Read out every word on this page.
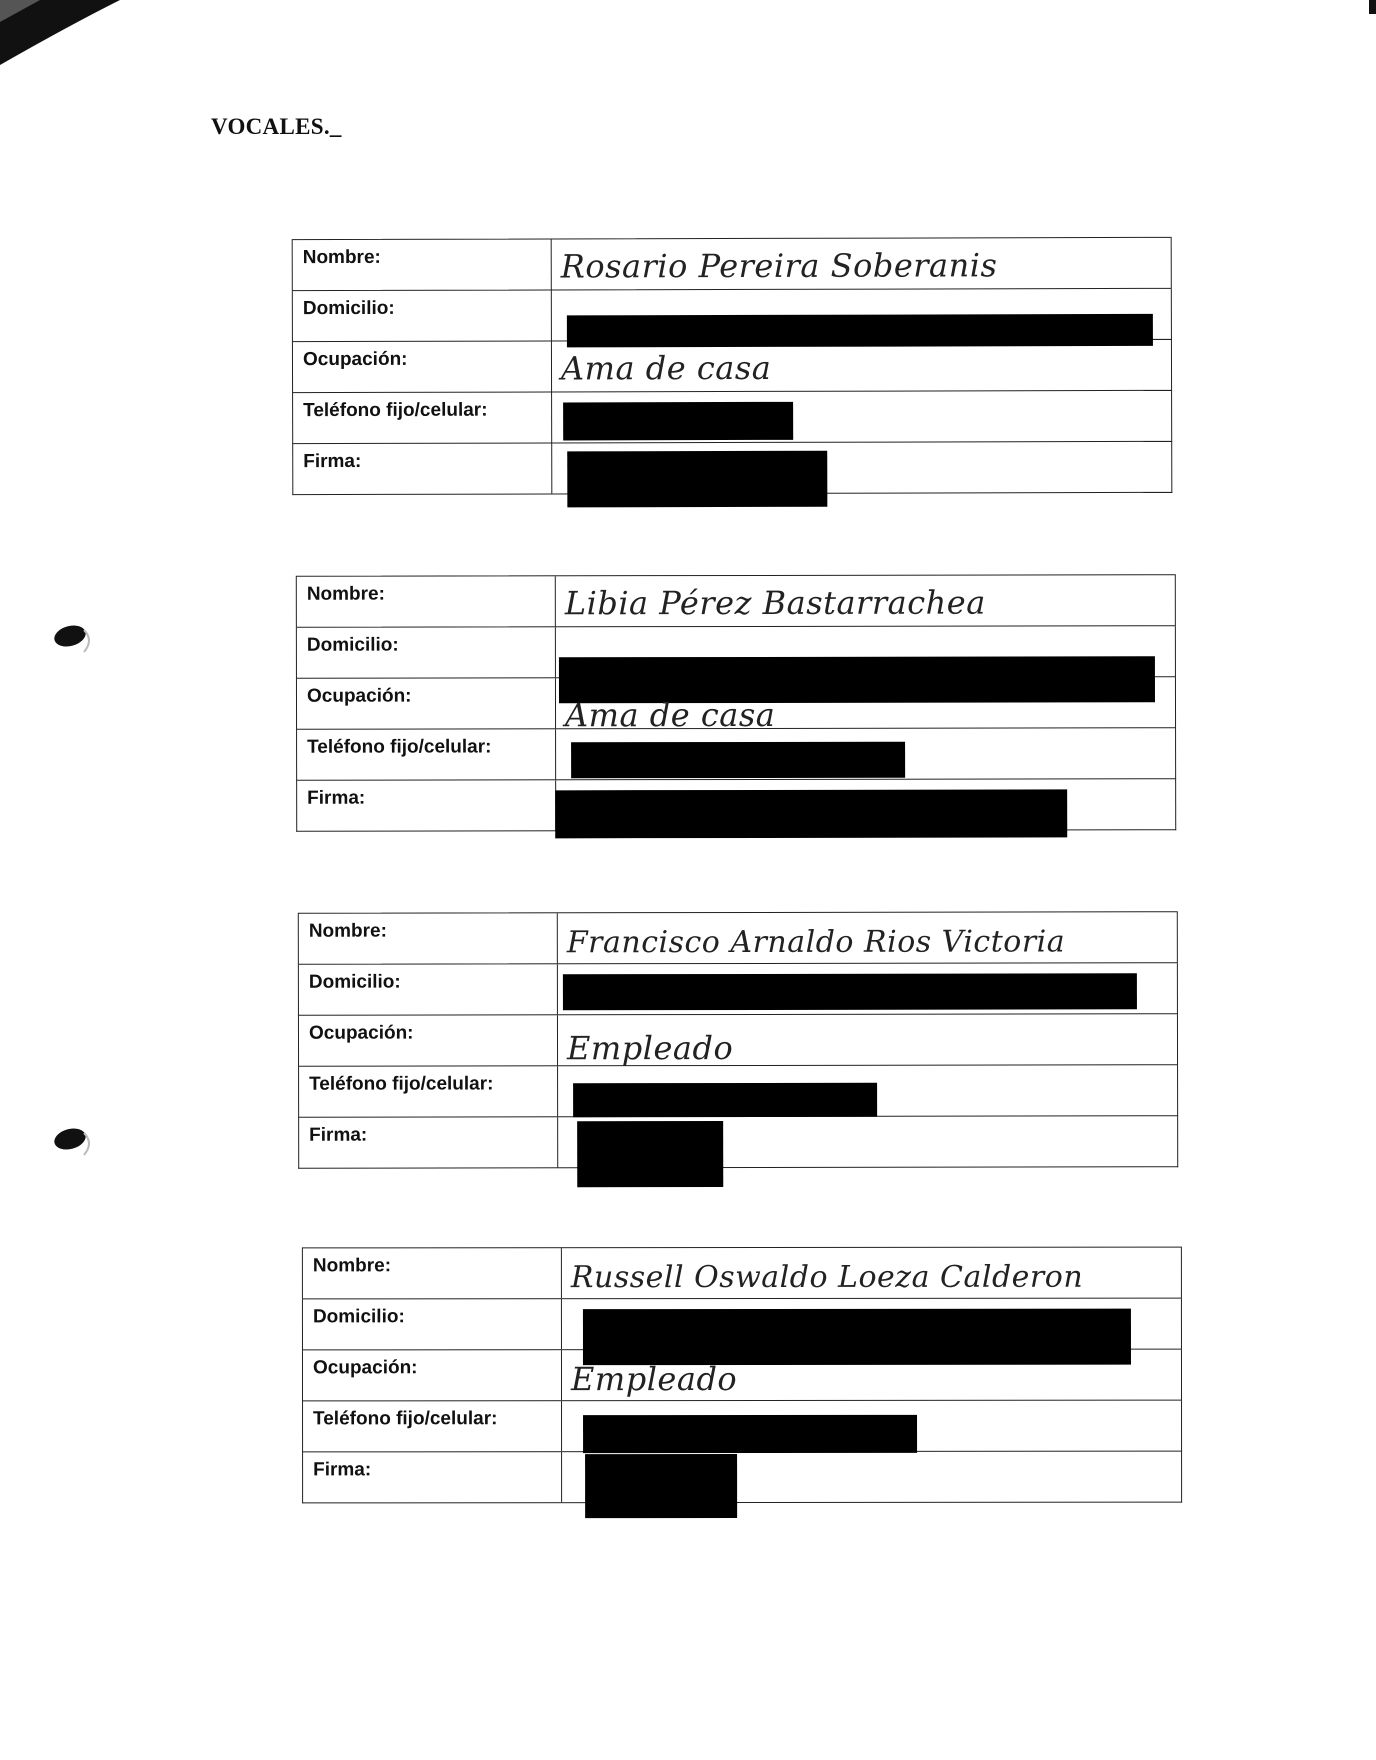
VOCALES._
Nombre:	Rosario Pereira Soberanis
Domicilio:
Ocupación:	Ama de casa
Teléfono fijo/celular:
Firma:
Nombre:	Libia Pérez Bastarrachea
Domicilio:
Ocupación:	Ama de casa
Teléfono fijo/celular:
Firma:
Nombre:	Francisco Arnaldo Rios Victoria
Domicilio:
Ocupación:	Empleado
Teléfono fijo/celular:
Firma:
Nombre:	Russell Oswaldo Loeza Calderon
Domicilio:
Ocupación:	Empleado
Teléfono fijo/celular:
Firma:
